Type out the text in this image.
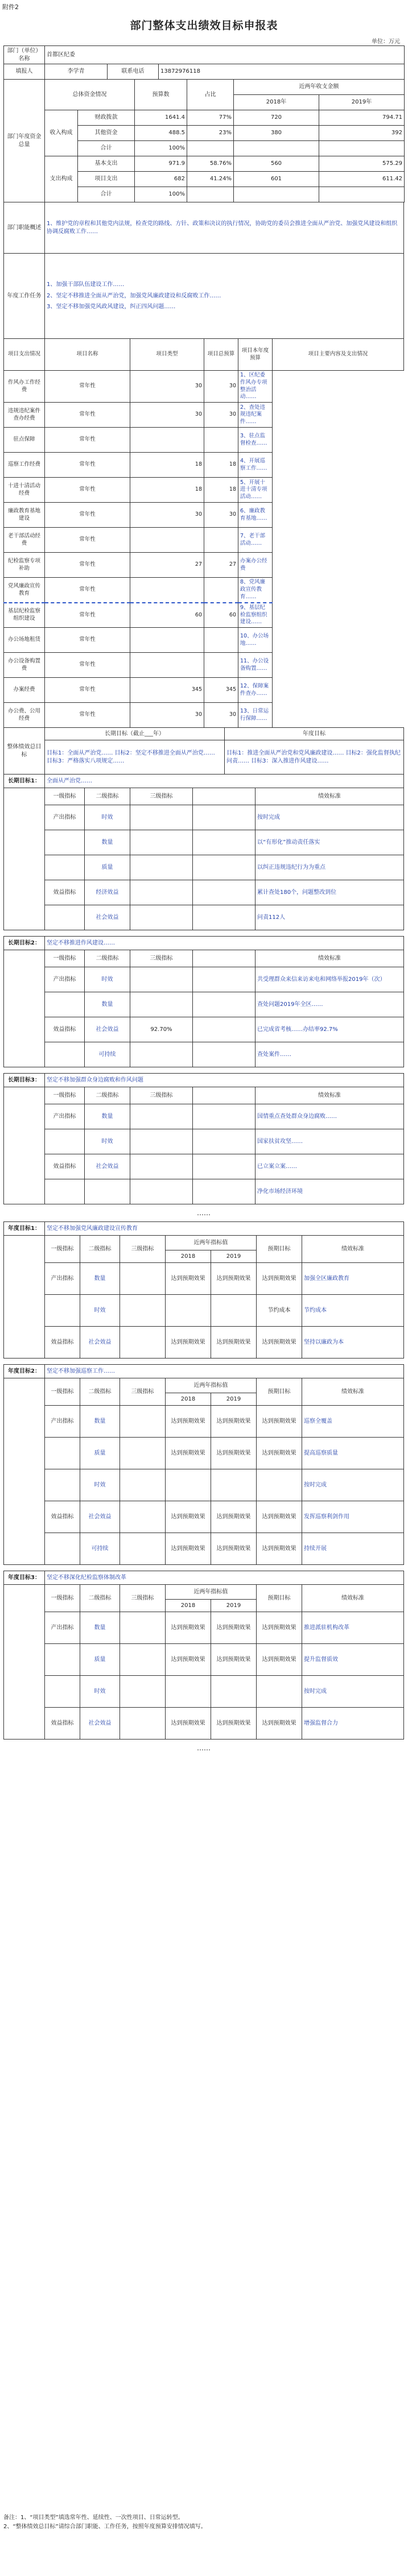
附件2
部门整体支出绩效目标申报表
单位：万元
部门（单位）名称	首都区纪委		
填报人	李学青	联系电话	13872976118
部门年度资金总量	总体资金情况		预算数	占比	近两年收支金额	
					2018年	2019年
	收入构成	财政拨款	1641.4	77%	720	794.71
		其他资金	488.5	23%	380	392
		合计	100%			
	支出构成	基本支出	971.9	58.76%	560	575.29
		项目支出	682	41.24%	601	611.42
		合计	100%			
部门职能概述	1、维护党的章程和其他党内法规，检查党的路线、方针、政策和决议的执行情况，协助党的委员会推进全面从严治党、加强党风建设和组织协调反腐败工作……
年度工作任务	
1、加强干部队伍建设工作……
2、坚定不移推进全面从严治党，加强党风廉政建设和反腐败工作……
3、坚定不移加强党风政风建设，纠正四风问题……
项目支出情况	项目名称	项目类型	项目总预算	项目本年度预算	项目主要内容及支出情况
作风办工作经费	常年性	30	30	1、区纪委作风办专项整治活动……	
违规违纪案件查办经费	常年性	30	30	2、查处违规违纪案件……	
驻点保障	常年性			3、驻点监督检查……	
巡察工作经费	常年性	18	18	4、开展巡察工作……	
十进十清活动经费	常年性	18	18	5、开展十进十清专项活动……	
廉政教育基地建设	常年性	30	30	6、廉政教育基地……	
老干部活动经费	常年性			7、老干部活动……	
纪检监察专项补助	常年性	27	27	办案办公经费	
党风廉政宣传教育	常年性			8、党风廉政宣传教育……	
基层纪检监察组织建设	常年性	60	60	9、基层纪检监察组织建设……	
办公场地租赁	常年性			10、办公场地……	
办公设备购置费	常年性			11、办公设备购置……	
办案经费	常年性	345	345	12、保障案件查办……	
办公费、公用经费	常年性	30	30	13、日常运行保障……	
整体绩效总目标	长期目标（截止___年）	年度目标
	目标1：全面从严治党…… 目标2：坚定不移推进全面从严治党…… 目标3：严格落实八项规定……	目标1：推进全面从严治党和党风廉政建设…… 目标2：强化监督执纪问责…… 目标3：深入推进作风建设……
长期目标1：	全面从严治党……				
	一级指标	二级指标	三级指标		绩效标准
	产出指标	时效			按时完成
		数量			以“有形化”推动责任落实
		质量			以纠正违规违纪行为为重点
	效益指标	经济效益			累计查处180个，问题整改到位
		社会效益			问责112人
长期目标2：	坚定不移推进作风建设……				
	一级指标	二级指标	三级指标		绩效标准
	产出指标	时效			共受理群众来信来访来电和网络举报2019年（次）
		数量			查处问题2019年全区……
	效益指标	社会效益	92.70%		已完成省考核……办结率92.7%
		可持续			查处案件……
长期目标3：	坚定不移加强群众身边腐败和作风问题				
	一级指标	二级指标	三级指标		绩效标准
	产出指标	数量			国情重点查处群众身边腐败……
		时效			国家扶贫攻坚……
	效益指标	社会效益			已立案立案……
					净化市场经济环境
……
年度目标1：	坚定不移加强党风廉政建设宣传教育						
	一级指标	二级指标	三级指标	近两年指标值		预期目标	绩效标准
				2018	2019		
	产出指标	数量		达到预期效果	达到预期效果	达到预期效果	加强全区廉政教育
		时效				节约成本	节约成本
	效益指标	社会效益		达到预期效果	达到预期效果	达到预期效果	坚持以廉政为本
年度目标2：	坚定不移加强巡察工作……						
	一级指标	二级指标	三级指标	近两年指标值		预期目标	绩效标准
				2018	2019		
	产出指标	数量		达到预期效果	达到预期效果	达到预期效果	巡察全覆盖
		质量		达到预期效果	达到预期效果	达到预期效果	提高巡察质量
		时效					按时完成
	效益指标	社会效益		达到预期效果	达到预期效果	达到预期效果	发挥巡察利剑作用
		可持续		达到预期效果	达到预期效果	达到预期效果	持续开展
年度目标3：	坚定不移深化纪检监察体制改革						
	一级指标	二级指标	三级指标	近两年指标值		预期目标	绩效标准
				2018	2019		
	产出指标	数量		达到预期效果	达到预期效果	达到预期效果	推进派驻机构改革
		质量		达到预期效果	达到预期效果	达到预期效果	提升监督质效
		时效					按时完成
	效益指标	社会效益		达到预期效果	达到预期效果	达到预期效果	增强监督合力
……
备注：1、“项目类型”填选常年性、延续性、一次性项目、日常运转型。
2、“整体绩效总目标”请综合部门职能、工作任务，按照年度预算安排情况填写。
